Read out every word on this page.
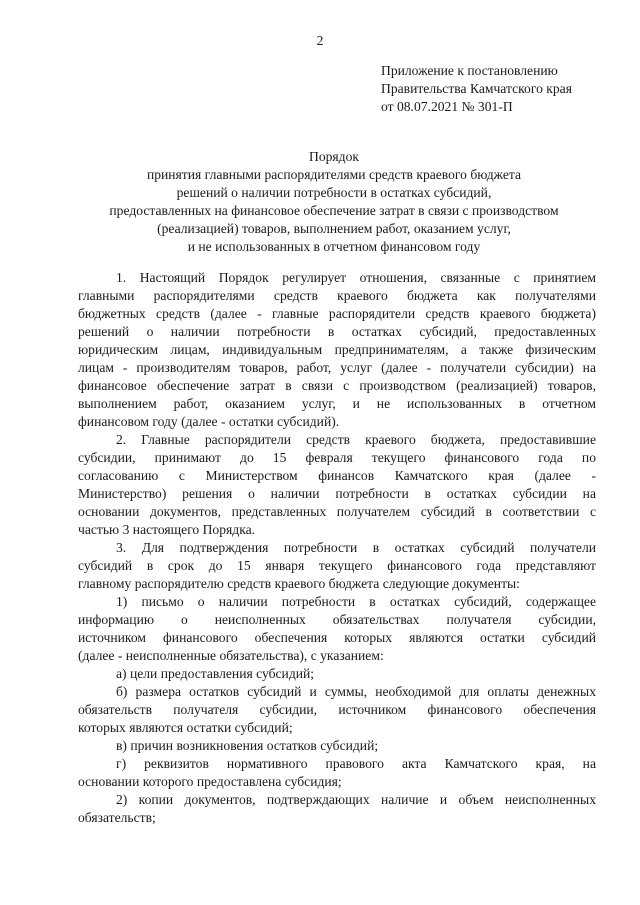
2
Приложение к постановлению
Правительства Камчатского края
от 08.07.2021 № 301-П
Порядок
принятия главными распорядителями средств краевого бюджета
решений о наличии потребности в остатках субсидий,
предоставленных на финансовое обеспечение затрат в связи с производством
(реализацией) товаров, выполнением работ, оказанием услуг,
и не использованных в отчетном финансовом году

1. Настоящий Порядок регулирует отношения, связанные с принятием
главными распорядителями средств краевого бюджета как получателями
бюджетных средств (далее - главные распорядители средств краевого бюджета)
решений о наличии потребности в остатках субсидий, предоставленных
юридическим лицам, индивидуальным предпринимателям, а также физическим
лицам - производителям товаров, работ, услуг (далее - получатели субсидии) на
финансовое обеспечение затрат в связи с производством (реализацией) товаров,
выполнением работ, оказанием услуг, и не использованных в отчетном
финансовом году (далее - остатки субсидий).

2. Главные распорядители средств краевого бюджета, предоставившие
субсидии, принимают до 15 февраля текущего финансового года по
согласованию с Министерством финансов Камчатского края (далее -
Министерство) решения о наличии потребности в остатках субсидии на
основании документов, представленных получателем субсидий в соответствии с
частью 3 настоящего Порядка.

3. Для подтверждения потребности в остатках субсидий получатели
субсидий в срок до 15 января текущего финансового года представляют
главному распорядителю средств краевого бюджета следующие документы:

1) письмо о наличии потребности в остатках субсидий, содержащее
информацию о неисполненных обязательствах получателя субсидии,
источником финансового обеспечения которых являются остатки субсидий
(далее - неисполненные обязательства), с указанием:

а) цели предоставления субсидий;

б) размера остатков субсидий и суммы, необходимой для оплаты денежных
обязательств получателя субсидии, источником финансового обеспечения
которых являются остатки субсидий;

в) причин возникновения остатков субсидий;

г) реквизитов нормативного правового акта Камчатского края, на
основании которого предоставлена субсидия;

2) копии документов, подтверждающих наличие и объем неисполненных
обязательств;
